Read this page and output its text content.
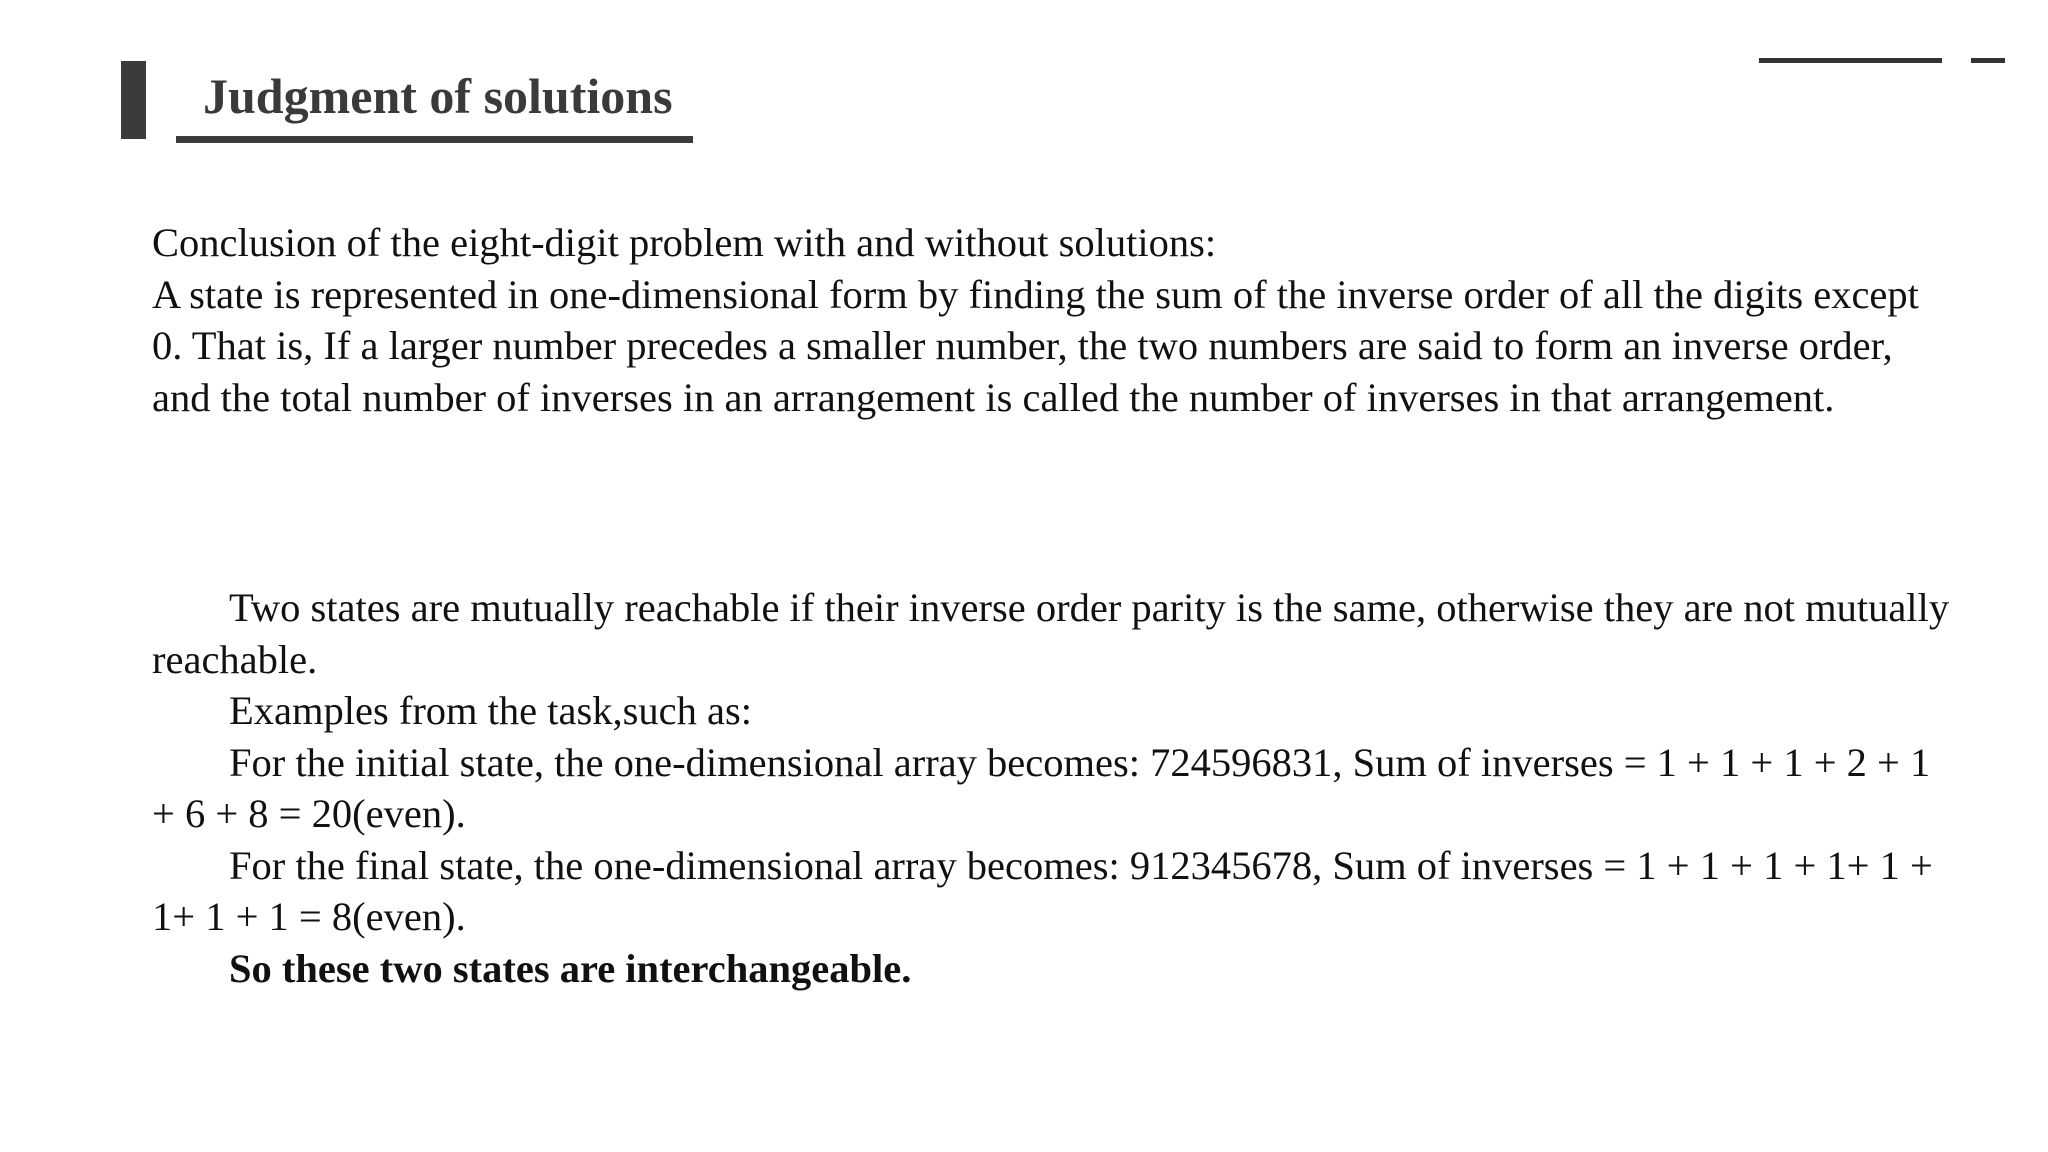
Judgment of solutions

Conclusion of the eight-digit problem with and without solutions:

A state is represented in one-dimensional form by finding the sum of the inverse order of all the digits except 0. That is, If a larger number precedes a smaller number, the two numbers are said to form an inverse order, and the total number of inverses in an arrangement is called the number of inverses in that arrangement.

Two states are mutually reachable if their inverse order parity is the same, otherwise they are not mutually reachable.

Examples from the task,such as:

For the initial state, the one-dimensional array becomes: 724596831, Sum of inverses = 1 + 1 + 1 + 2 + 1 + 6 + 8 = 20(even).

For the final state, the one-dimensional array becomes: 912345678, Sum of inverses = 1 + 1 + 1 + 1+ 1 + 1+ 1 + 1 = 8(even).

So these two states are interchangeable.
